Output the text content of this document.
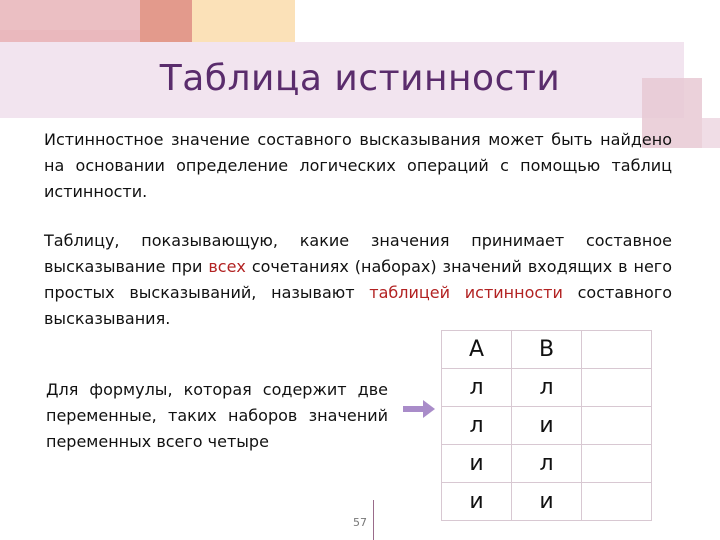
Таблица истинности
Истинностное значение составного высказывания может быть найдено на основании определение логических операций с помощью таблиц истинности.
Таблицу, показывающую, какие значения принимает составное высказывание при всех сочетаниях (наборах) значений входящих в него простых высказываний, называют таблицей истинности составного высказывания.
Для формулы, которая содержит две переменные, таких наборов значений переменных всего четыре
А	В	
л	л	
л	и	
и	л	
и	и	
57
